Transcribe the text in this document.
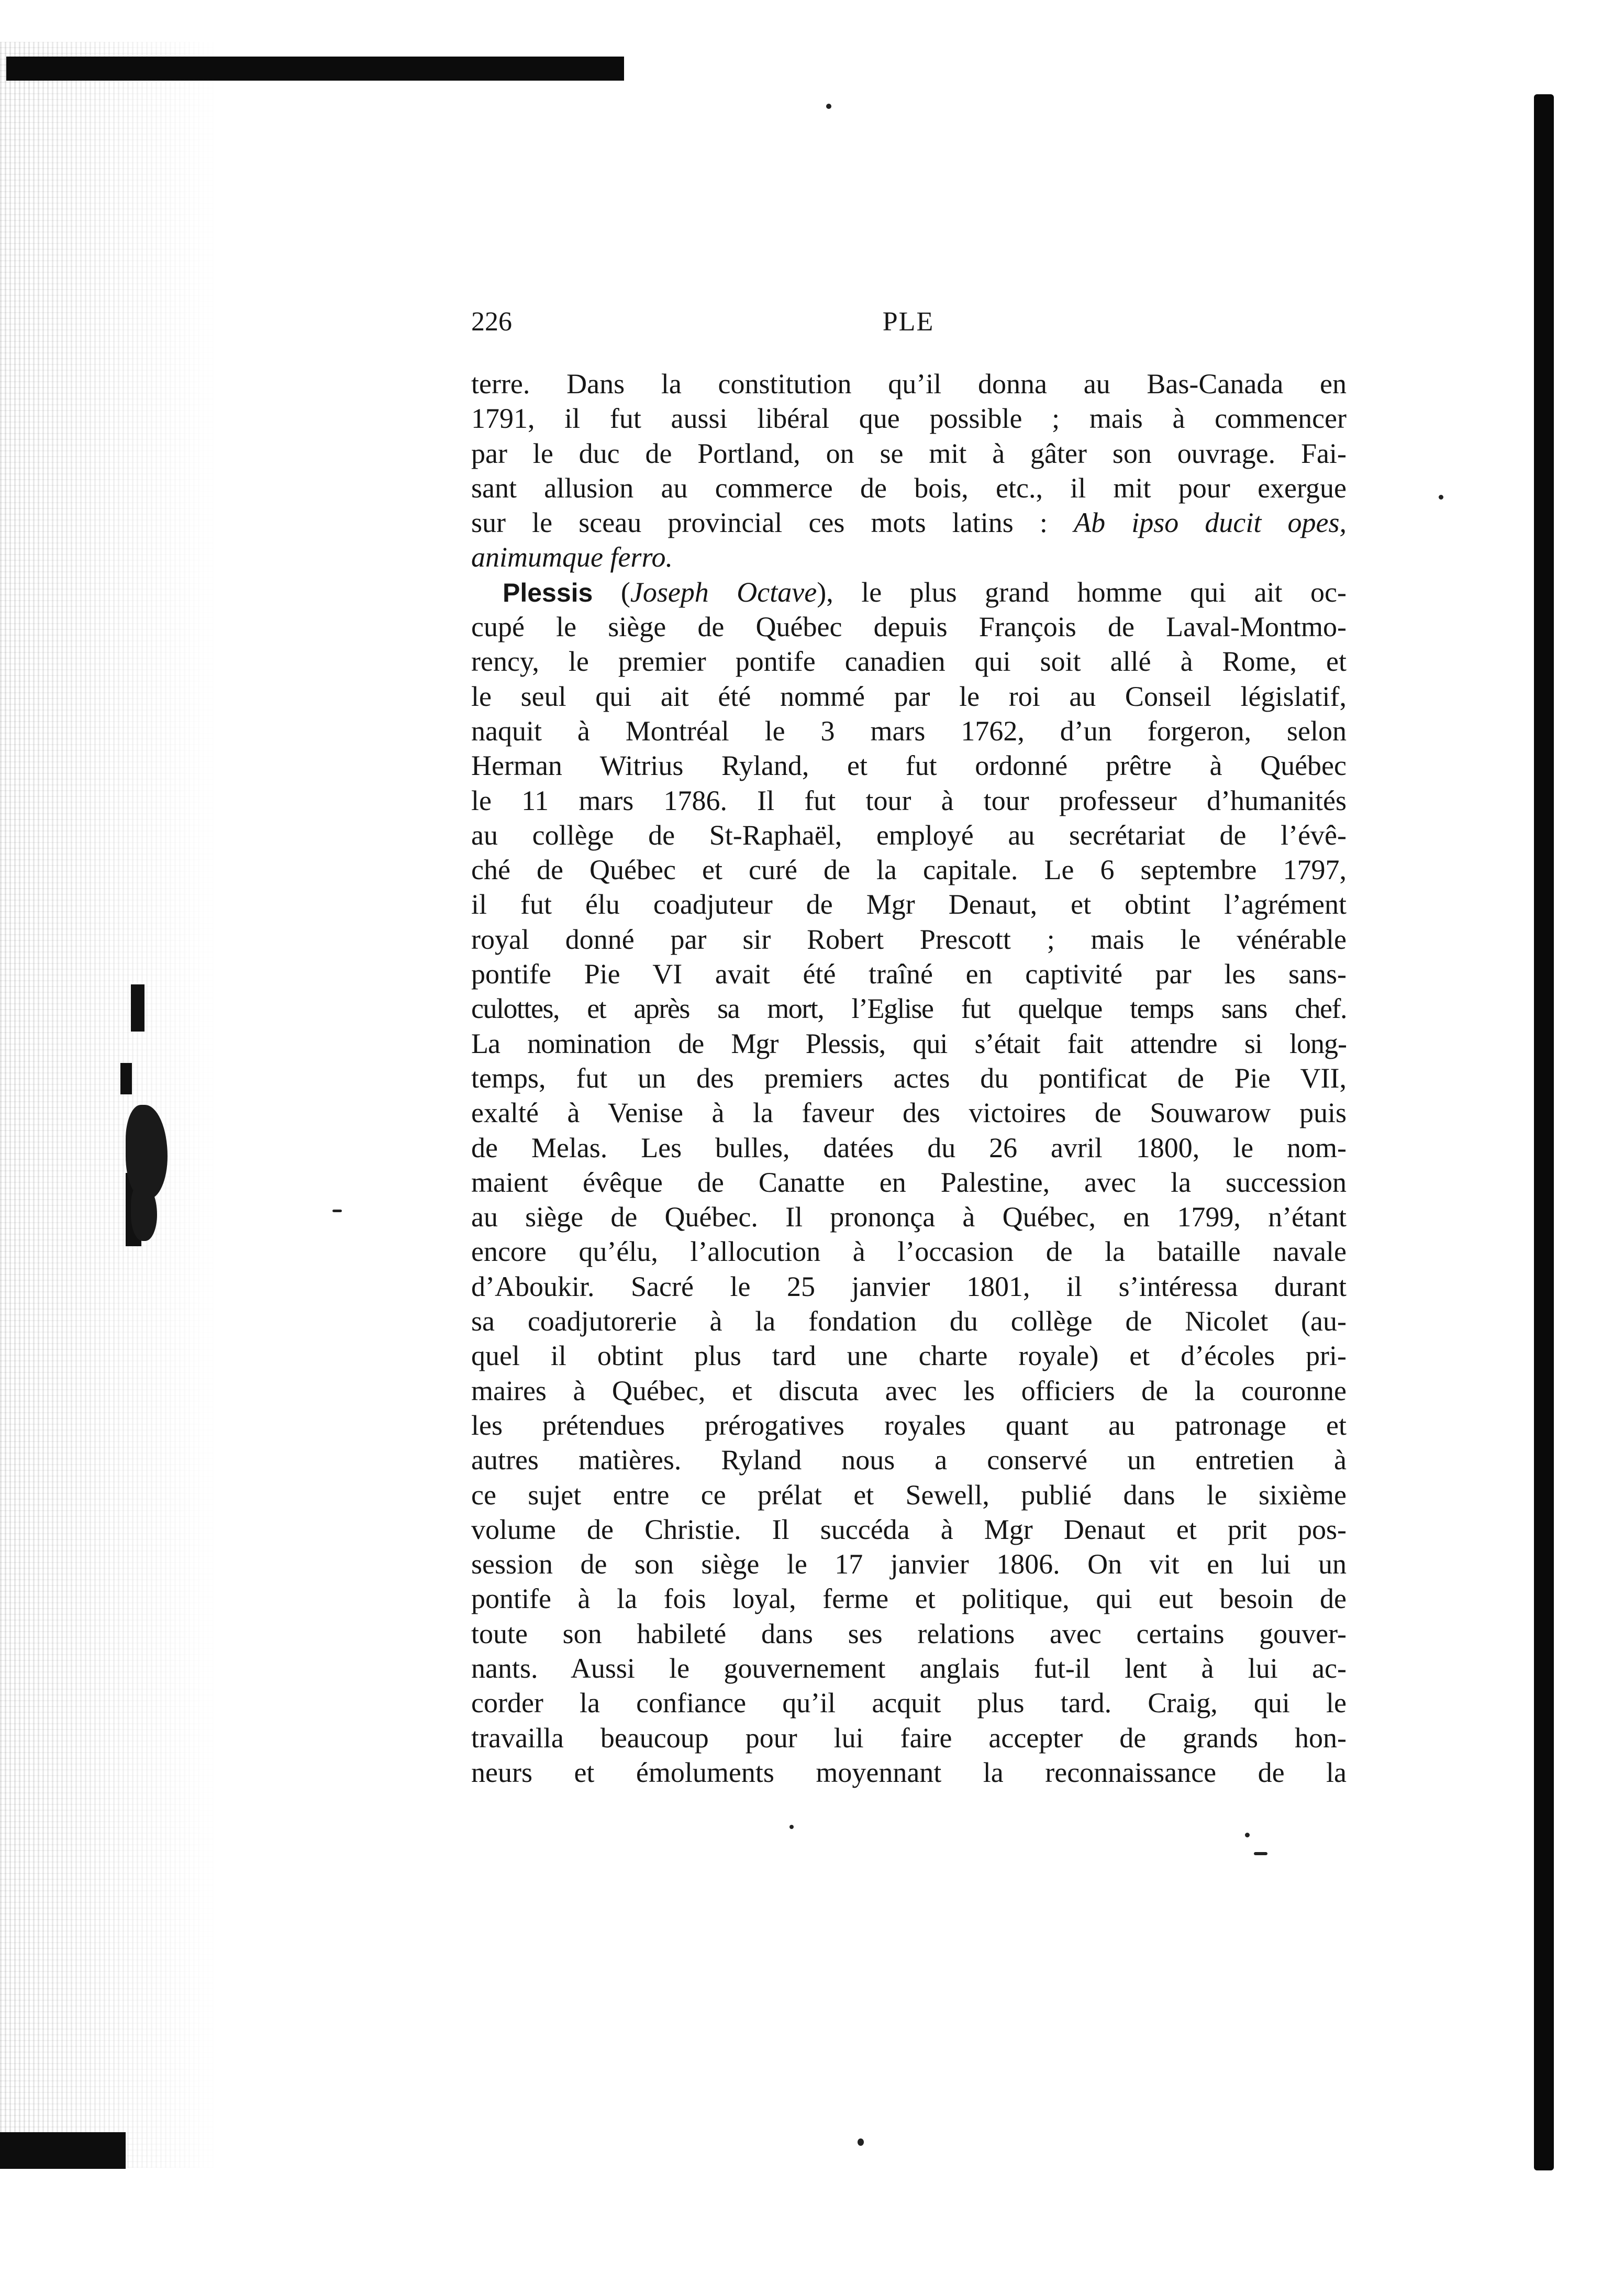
226	PLE
terre. Dans la constitution qu’il donna au Bas-Canada en
1791, il fut aussi libéral que possible ; mais à commencer
par le duc de Portland, on se mit à gâter son ouvrage. Fai-
sant allusion au commerce de bois, etc., il mit pour exergue
sur le sceau provincial ces mots latins : Ab ipso ducit opes,
animumque ferro.
Plessis (Joseph Octave), le plus grand homme qui ait oc-
cupé le siège de Québec depuis François de Laval-Montmo-
rency, le premier pontife canadien qui soit allé à Rome, et
le seul qui ait été nommé par le roi au Conseil législatif,
naquit à Montréal le 3 mars 1762, d’un forgeron, selon
Herman Witrius Ryland, et fut ordonné prêtre à Québec
le 11 mars 1786. Il fut tour à tour professeur d’humanités
au collège de St-Raphaël, employé au secrétariat de l’évê-
ché de Québec et curé de la capitale. Le 6 septembre 1797,
il fut élu coadjuteur de Mgr Denaut, et obtint l’agrément
royal donné par sir Robert Prescott ; mais le vénérable
pontife Pie VI avait été traîné en captivité par les sans-
culottes, et après sa mort, l’Eglise fut quelque temps sans chef.
La nomination de Mgr Plessis, qui s’était fait attendre si long-
temps, fut un des premiers actes du pontificat de Pie VII,
exalté à Venise à la faveur des victoires de Souwarow puis
de Melas. Les bulles, datées du 26 avril 1800, le nom-
maient évêque de Canatte en Palestine, avec la succession
au siège de Québec. Il prononça à Québec, en 1799, n’étant
encore qu’élu, l’allocution à l’occasion de la bataille navale
d’Aboukir. Sacré le 25 janvier 1801, il s’intéressa durant
sa coadjutorerie à la fondation du collège de Nicolet (au-
quel il obtint plus tard une charte royale) et d’écoles pri-
maires à Québec, et discuta avec les officiers de la couronne
les prétendues prérogatives royales quant au patronage et
autres matières. Ryland nous a conservé un entretien à
ce sujet entre ce prélat et Sewell, publié dans le sixième
volume de Christie. Il succéda à Mgr Denaut et prit pos-
session de son siège le 17 janvier 1806. On vit en lui un
pontife à la fois loyal, ferme et politique, qui eut besoin de
toute son habileté dans ses relations avec certains gouver-
nants. Aussi le gouvernement anglais fut-il lent à lui ac-
corder la confiance qu’il acquit plus tard. Craig, qui le
travailla beaucoup pour lui faire accepter de grands hon-
neurs et émoluments moyennant la reconnaissance de la
